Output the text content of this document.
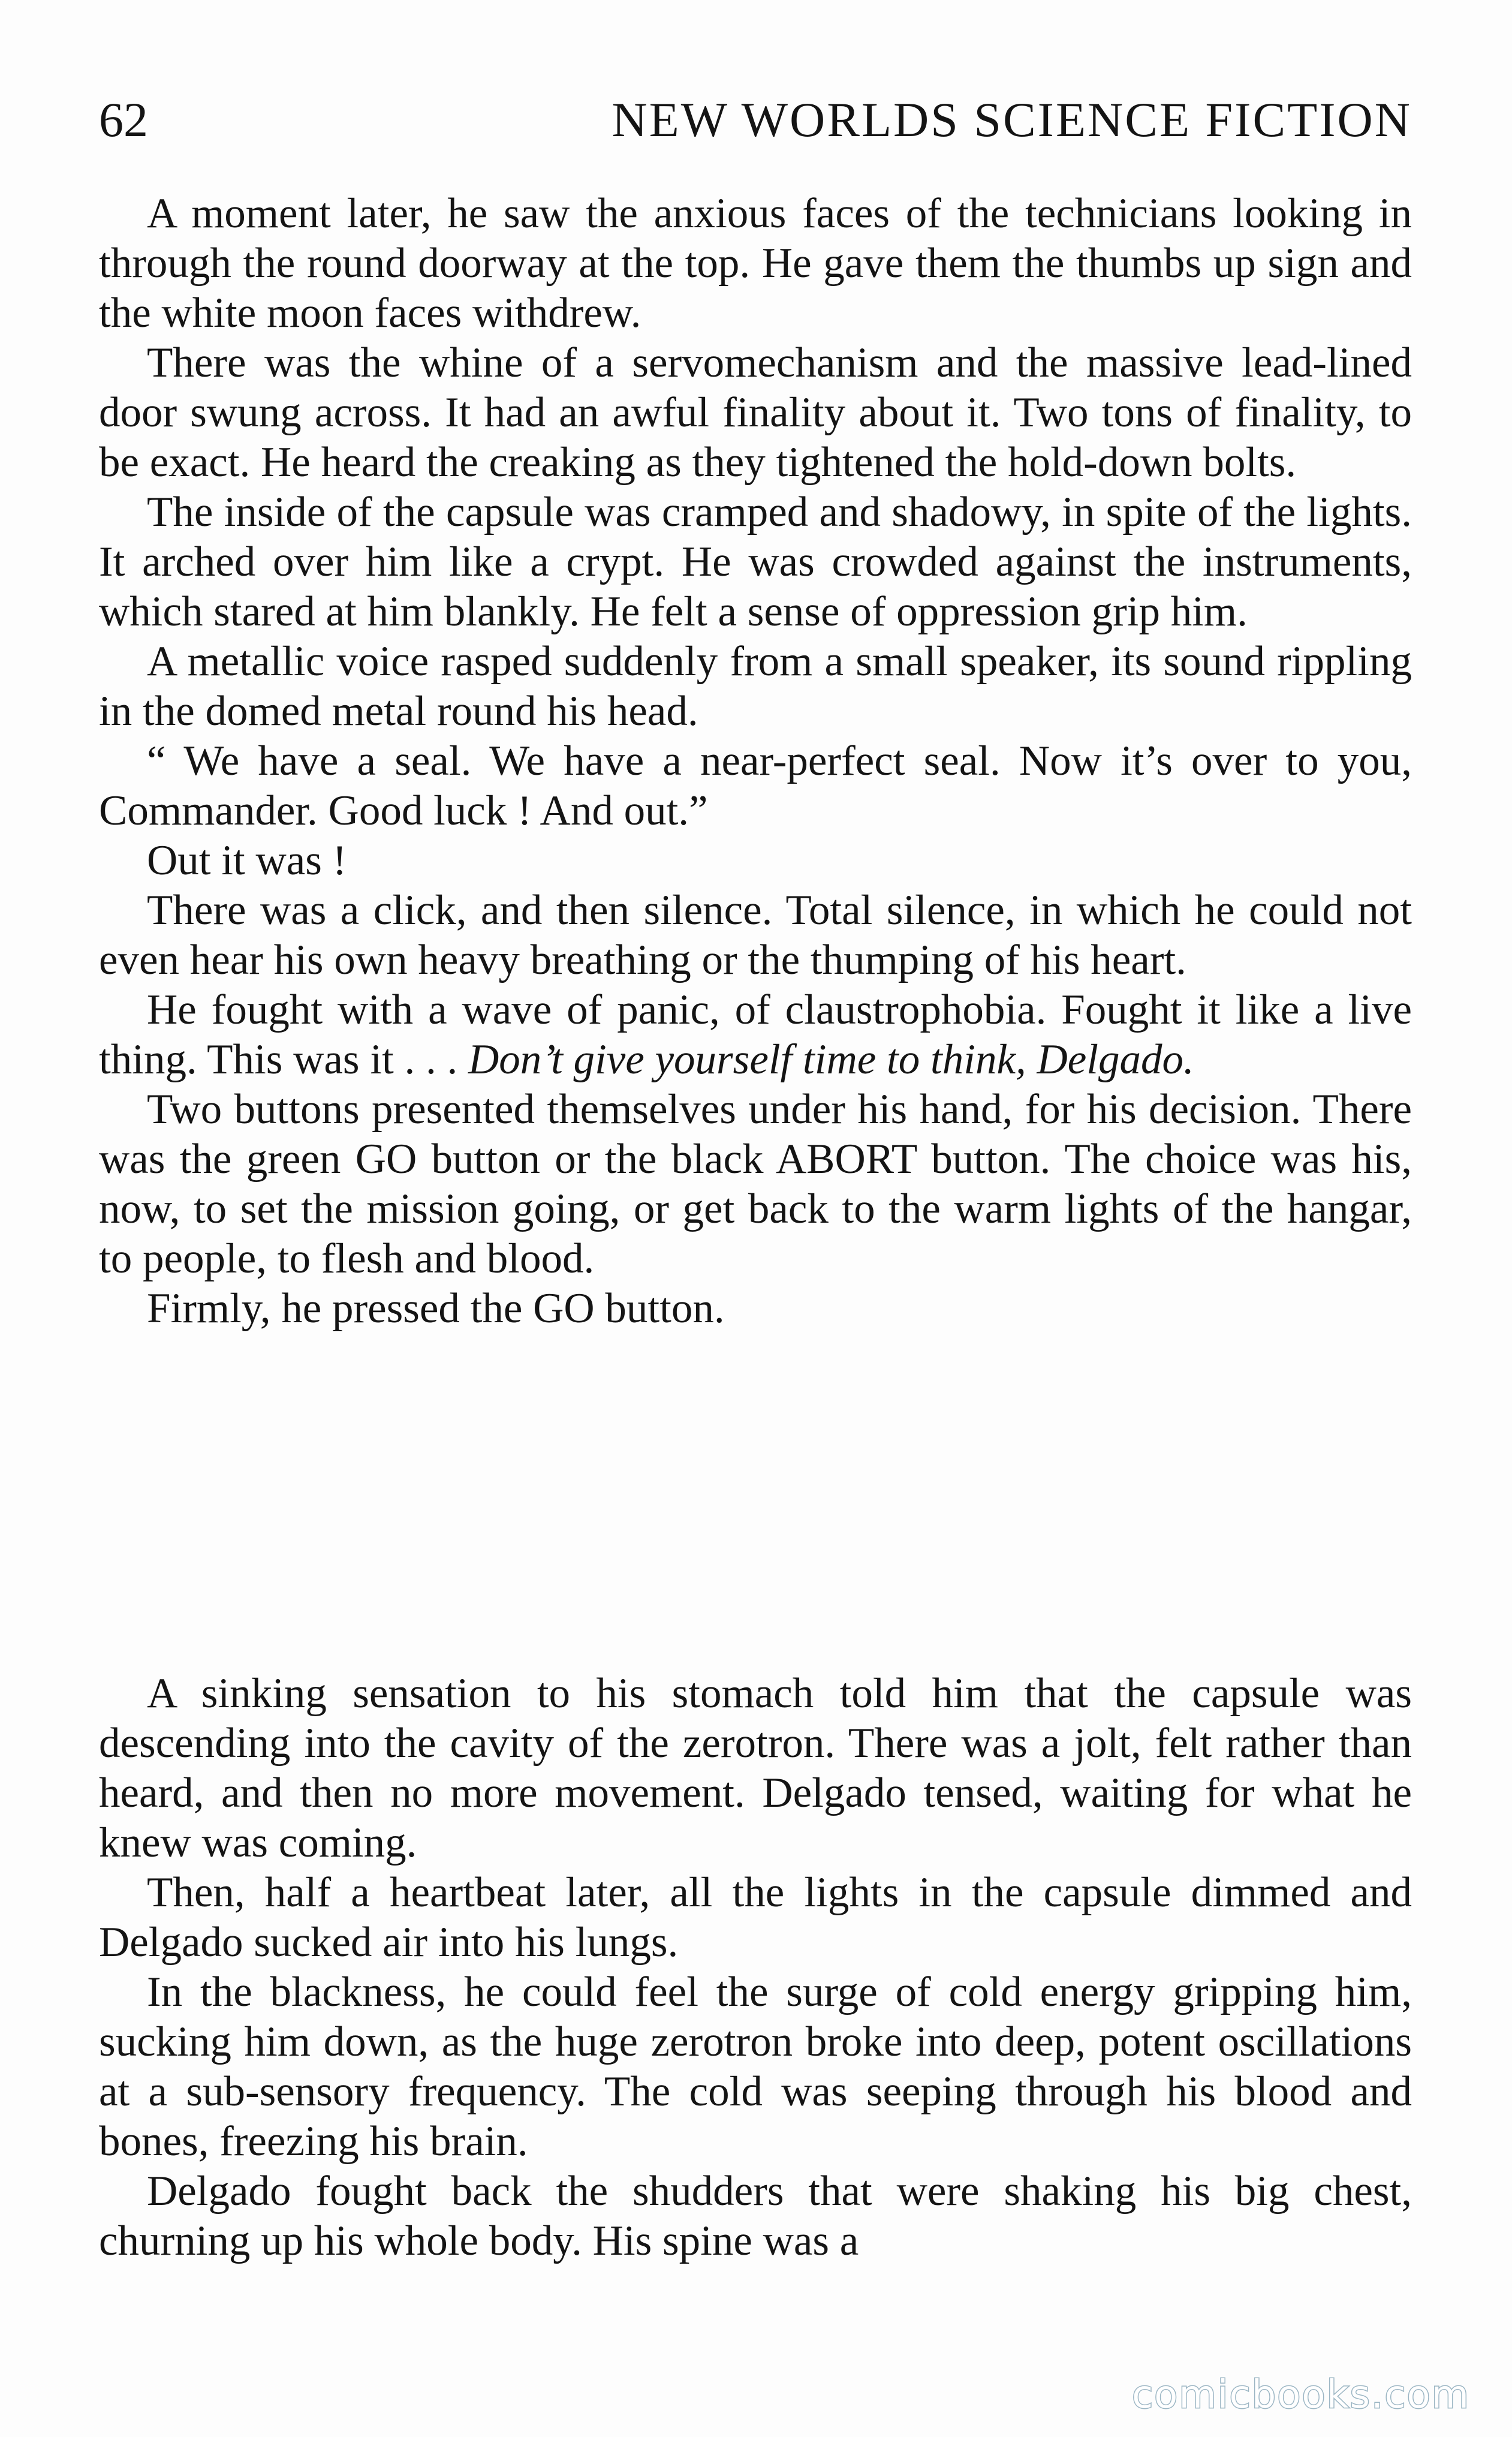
62	NEW WORLDS SCIENCE FICTION

A moment later, he saw the anxious faces of the technicians looking in through the round doorway at the top. He gave them the thumbs up sign and the white moon faces withdrew.

There was the whine of a servomechanism and the massive lead-lined door swung across. It had an awful finality about it. Two tons of finality, to be exact. He heard the creaking as they tightened the hold-down bolts.

The inside of the capsule was cramped and shadowy, in spite of the lights. It arched over him like a crypt. He was crowded against the instruments, which stared at him blankly. He felt a sense of oppression grip him.

A metallic voice rasped suddenly from a small speaker, its sound rippling in the domed metal round his head.

“ We have a seal. We have a near-perfect seal. Now it’s over to you, Commander. Good luck ! And out.”

Out it was !

There was a click, and then silence. Total silence, in which he could not even hear his own heavy breathing or the thumping of his heart.

He fought with a wave of panic, of claustrophobia. Fought it like a live thing. This was it . . . Don’t give yourself time to think, Delgado.

Two buttons presented themselves under his hand, for his decision. There was the green GO button or the black ABORT button. The choice was his, now, to set the mission going, or get back to the warm lights of the hangar, to people, to flesh and blood.

Firmly, he pressed the GO button.

A sinking sensation to his stomach told him that the capsule was descending into the cavity of the zerotron. There was a jolt, felt rather than heard, and then no more movement. Delgado tensed, waiting for what he knew was coming.

Then, half a heartbeat later, all the lights in the capsule dimmed and Delgado sucked air into his lungs.

In the blackness, he could feel the surge of cold energy gripping him, sucking him down, as the huge zerotron broke into deep, potent oscillations at a sub-sensory frequency. The cold was seeping through his blood and bones, freezing his brain.

Delgado fought back the shudders that were shaking his big chest, churning up his whole body. His spine was a

comicbooks.com
